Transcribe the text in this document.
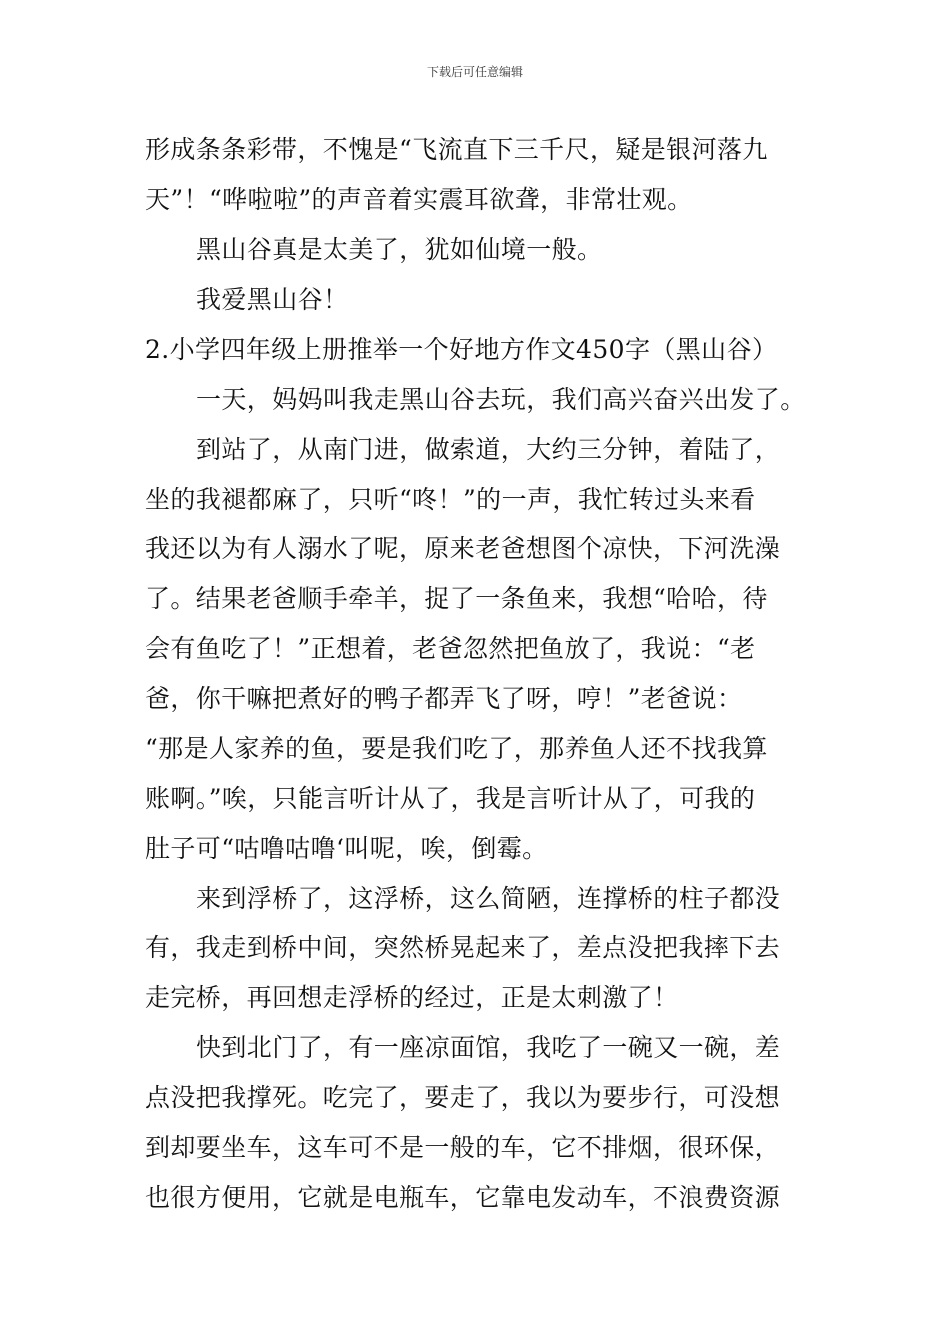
下载后可任意编辑
形成条条彩带，不愧是“飞流直下三千尺，疑是银河落九
天”！“哗啦啦”的声音着实震耳欲聋，非常壮观。
黑山谷真是太美了，犹如仙境一般。
我爱黑山谷！
2.小学四年级上册推举一个好地方作文450字（黑山谷）
一天，妈妈叫我走黑山谷去玩，我们高兴奋兴出发了。
到站了，从南门进，做索道，大约三分钟，着陆了，
坐的我褪都麻了，只听“咚！”的一声，我忙转过头来看
我还以为有人溺水了呢，原来老爸想图个凉快，下河洗澡
了。结果老爸顺手牵羊，捉了一条鱼来，我想“哈哈，待
会有鱼吃了！”正想着，老爸忽然把鱼放了，我说：“老
爸，你干嘛把煮好的鸭子都弄飞了呀，哼！”老爸说：
“那是人家养的鱼，要是我们吃了，那养鱼人还不找我算
账啊。”唉，只能言听计从了，我是言听计从了，可我的
肚子可“咕噜咕噜‘叫呢，唉，倒霉。
来到浮桥了，这浮桥，这么简陋，连撑桥的柱子都没
有，我走到桥中间，突然桥晃起来了，差点没把我摔下去
走完桥，再回想走浮桥的经过，正是太刺激了！
快到北门了，有一座凉面馆，我吃了一碗又一碗，差
点没把我撑死。吃完了，要走了，我以为要步行，可没想
到却要坐车，这车可不是一般的车，它不排烟，很环保，
也很方便用，它就是电瓶车，它靠电发动车，不浪费资源
